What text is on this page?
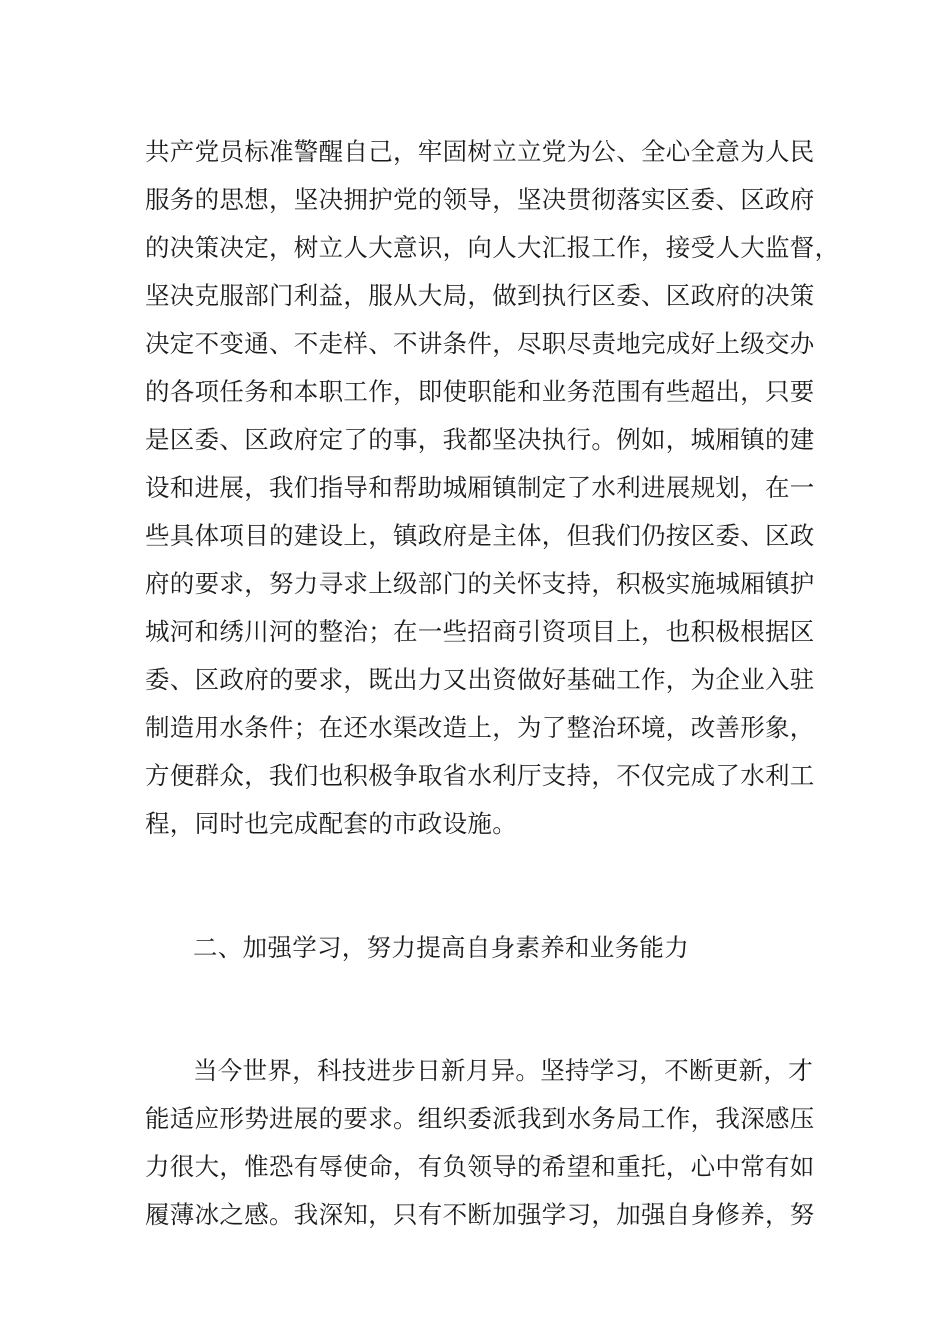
共产党员标准警醒自己，牢固树立立党为公、全心全意为人民
服务的思想，坚决拥护党的领导，坚决贯彻落实区委、区政府
的决策决定，树立人大意识，向人大汇报工作，接受人大监督，
坚决克服部门利益，服从大局，做到执行区委、区政府的决策
决定不变通、不走样、不讲条件，尽职尽责地完成好上级交办
的各项任务和本职工作，即使职能和业务范围有些超出，只要
是区委、区政府定了的事，我都坚决执行。例如，城厢镇的建
设和进展，我们指导和帮助城厢镇制定了水利进展规划，在一
些具体项目的建设上，镇政府是主体，但我们仍按区委、区政
府的要求，努力寻求上级部门的关怀支持，积极实施城厢镇护
城河和绣川河的整治；在一些招商引资项目上，也积极根据区
委、区政府的要求，既出力又出资做好基础工作，为企业入驻
制造用水条件；在还水渠改造上，为了整治环境，改善形象，
方便群众，我们也积极争取省水利厅支持，不仅完成了水利工
程，同时也完成配套的市政设施。
二、加强学习，努力提高自身素养和业务能力
当今世界，科技进步日新月异。坚持学习，不断更新，才
能适应形势进展的要求。组织委派我到水务局工作，我深感压
力很大，惟恐有辱使命，有负领导的希望和重托，心中常有如
履薄冰之感。我深知，只有不断加强学习，加强自身修养，努
